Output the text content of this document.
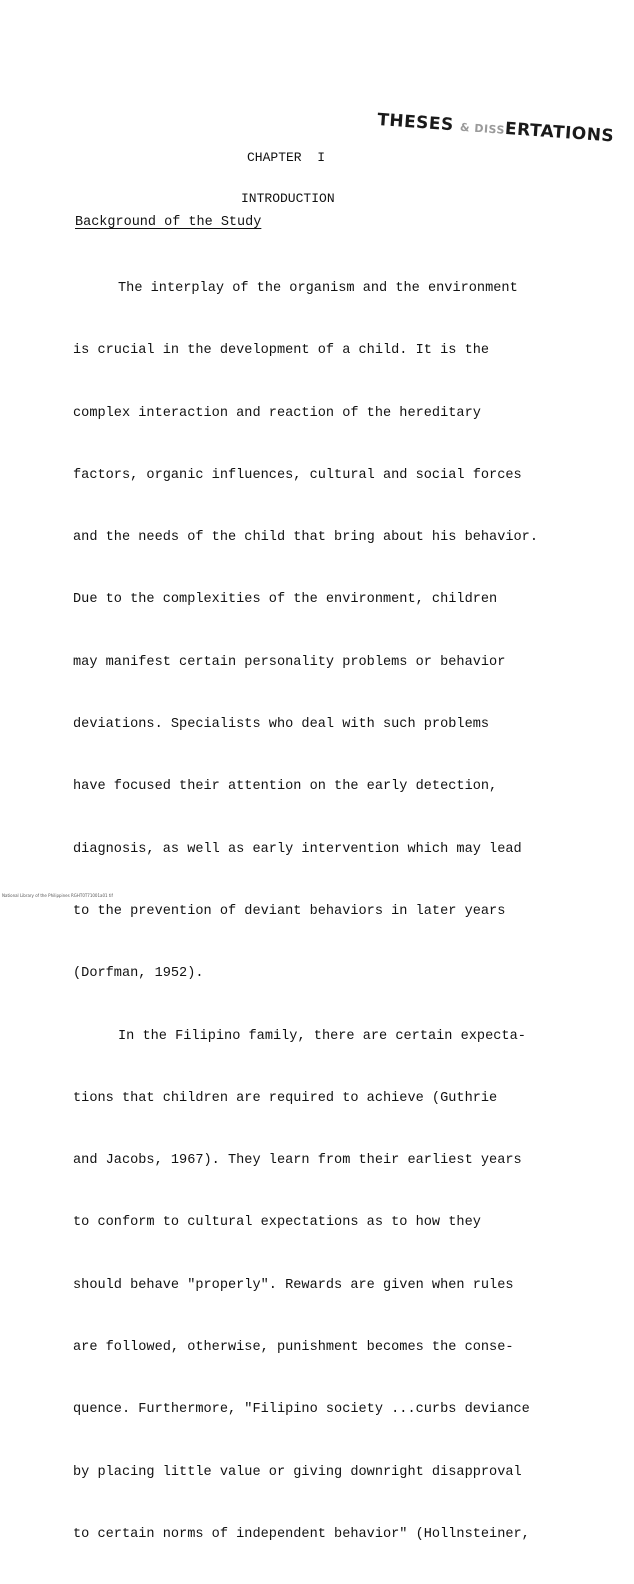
THESES & DISSERTATIONS
CHAPTER  I
INTRODUCTION
Background of the Study

The interplay of the organism and the environment

is crucial in the development of a child. It is the

complex interaction and reaction of the hereditary

factors, organic influences, cultural and social forces

and the needs of the child that bring about his behavior.

Due to the complexities of the environment, children

may manifest certain personality problems or behavior

deviations. Specialists who deal with such problems

have focused their attention on the early detection,

diagnosis, as well as early intervention which may lead

to the prevention of deviant behaviors in later years

(Dorfman, 1952).

In the Filipino family, there are certain expecta-

tions that children are required to achieve (Guthrie

and Jacobs, 1967). They learn from their earliest years

to conform to cultural expectations as to how they

should behave "properly". Rewards are given when rules

are followed, otherwise, punishment becomes the conse-

quence. Furthermore, "Filipino society ...curbs deviance

by placing little value or giving downright disapproval

to certain norms of independent behavior" (Hollnsteiner,

National Library of the Philippines RGHT0T71001a01 tif
